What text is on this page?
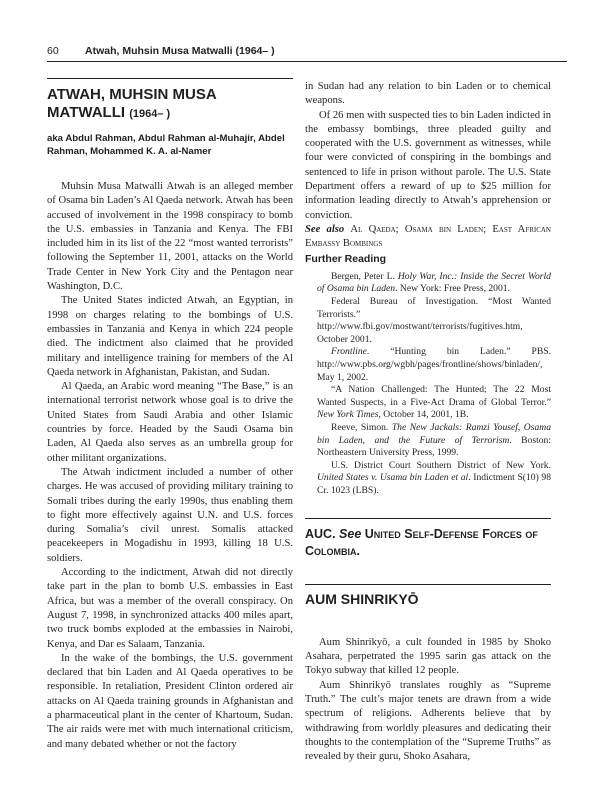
60	Atwah, Muhsin Musa Matwalli (1964– )
ATWAH, MUHSIN MUSA MATWALLI (1964– )
aka Abdul Rahman, Abdul Rahman al-Muhajir, Abdel Rahman, Mohammed K. A. al-Namer

Muhsin Musa Matwalli Atwah is an alleged member of Osama bin Laden’s Al Qaeda network. Atwah has been accused of involvement in the 1998 conspiracy to bomb the U.S. embassies in Tanzania and Kenya. The FBI included him in its list of the 22 “most wanted terrorists” following the September 11, 2001, attacks on the World Trade Center in New York City and the Pentagon near Washington, D.C.

The United States indicted Atwah, an Egyptian, in 1998 on charges relating to the bombings of U.S. embassies in Tanzania and Kenya in which 224 people died. The indictment also claimed that he provided military and intelligence training for members of the Al Qaeda network in Afghanistan, Pakistan, and Sudan.

Al Qaeda, an Arabic word meaning “The Base,” is an international terrorist network whose goal is to drive the United States from Saudi Arabia and other Islamic countries by force. Headed by the Saudi Osama bin Laden, Al Qaeda also serves as an umbrella group for other militant organizations.

The Atwah indictment included a number of other charges. He was accused of providing military training to Somali tribes during the early 1990s, thus enabling them to fight more effectively against U.N. and U.S. forces during Somalia’s civil unrest. Somalis attacked peacekeepers in Mogadishu in 1993, killing 18 U.S. soldiers.

According to the indictment, Atwah did not directly take part in the plan to bomb U.S. embassies in East Africa, but was a member of the overall conspiracy. On August 7, 1998, in synchronized attacks 400 miles apart, two truck bombs exploded at the embassies in Nairobi, Kenya, and Dar es Salaam, Tanzania.

In the wake of the bombings, the U.S. government declared that bin Laden and Al Qaeda operatives to be responsible. In retaliation, President Clinton ordered air attacks on Al Qaeda training grounds in Afghanistan and a pharmaceutical plant in the center of Khartoum, Sudan. The air raids were met with much international criticism, and many debated whether or not the factory

in Sudan had any relation to bin Laden or to chemical weapons.

Of 26 men with suspected ties to bin Laden indicted in the embassy bombings, three pleaded guilty and cooperated with the U.S. government as witnesses, while four were convicted of conspiring in the bombings and sentenced to life in prison without parole. The U.S. State Department offers a reward of up to $25 million for information leading directly to Atwah’s apprehension or conviction.

See also Al Qaeda; Osama bin Laden; East African Embassy Bombings

Further Reading

Bergen, Peter L. Holy War, Inc.: Inside the Secret World of Osama bin Laden. New York: Free Press, 2001.

Federal Bureau of Investigation. “Most Wanted Terrorists.” http://www.fbi.gov/mostwant/terrorists/fugitives.htm, October 2001.

Frontline. “Hunting bin Laden.” PBS. http://www.pbs.org/wgbh/pages/frontline/shows/binladen/, May 1, 2002.

“A Nation Challenged: The Hunted; The 22 Most Wanted Suspects, in a Five-Act Drama of Global Terror.” New York Times, October 14, 2001, 1B.

Reeve, Simon. The New Jackals: Ramzi Yousef, Osama bin Laden, and the Future of Terrorism. Boston: Northeastern University Press, 1999.

U.S. District Court Southern District of New York. United States v. Usama bin Laden et al. Indictment S(10) 98 Cr. 1023 (LBS).

AUC. See United Self-Defense Forces of Colombia.
AUM SHINRIKYŌ

Aum Shinrikyō, a cult founded in 1985 by Shoko Asahara, perpetrated the 1995 sarin gas attack on the Tokyo subway that killed 12 people.

Aum Shinrikyō translates roughly as “Supreme Truth.” The cult’s major tenets are drawn from a wide spectrum of religions. Adherents believe that by withdrawing from worldly pleasures and dedicating their thoughts to the contemplation of the “Supreme Truths” as revealed by their guru, Shoko Asahara,
